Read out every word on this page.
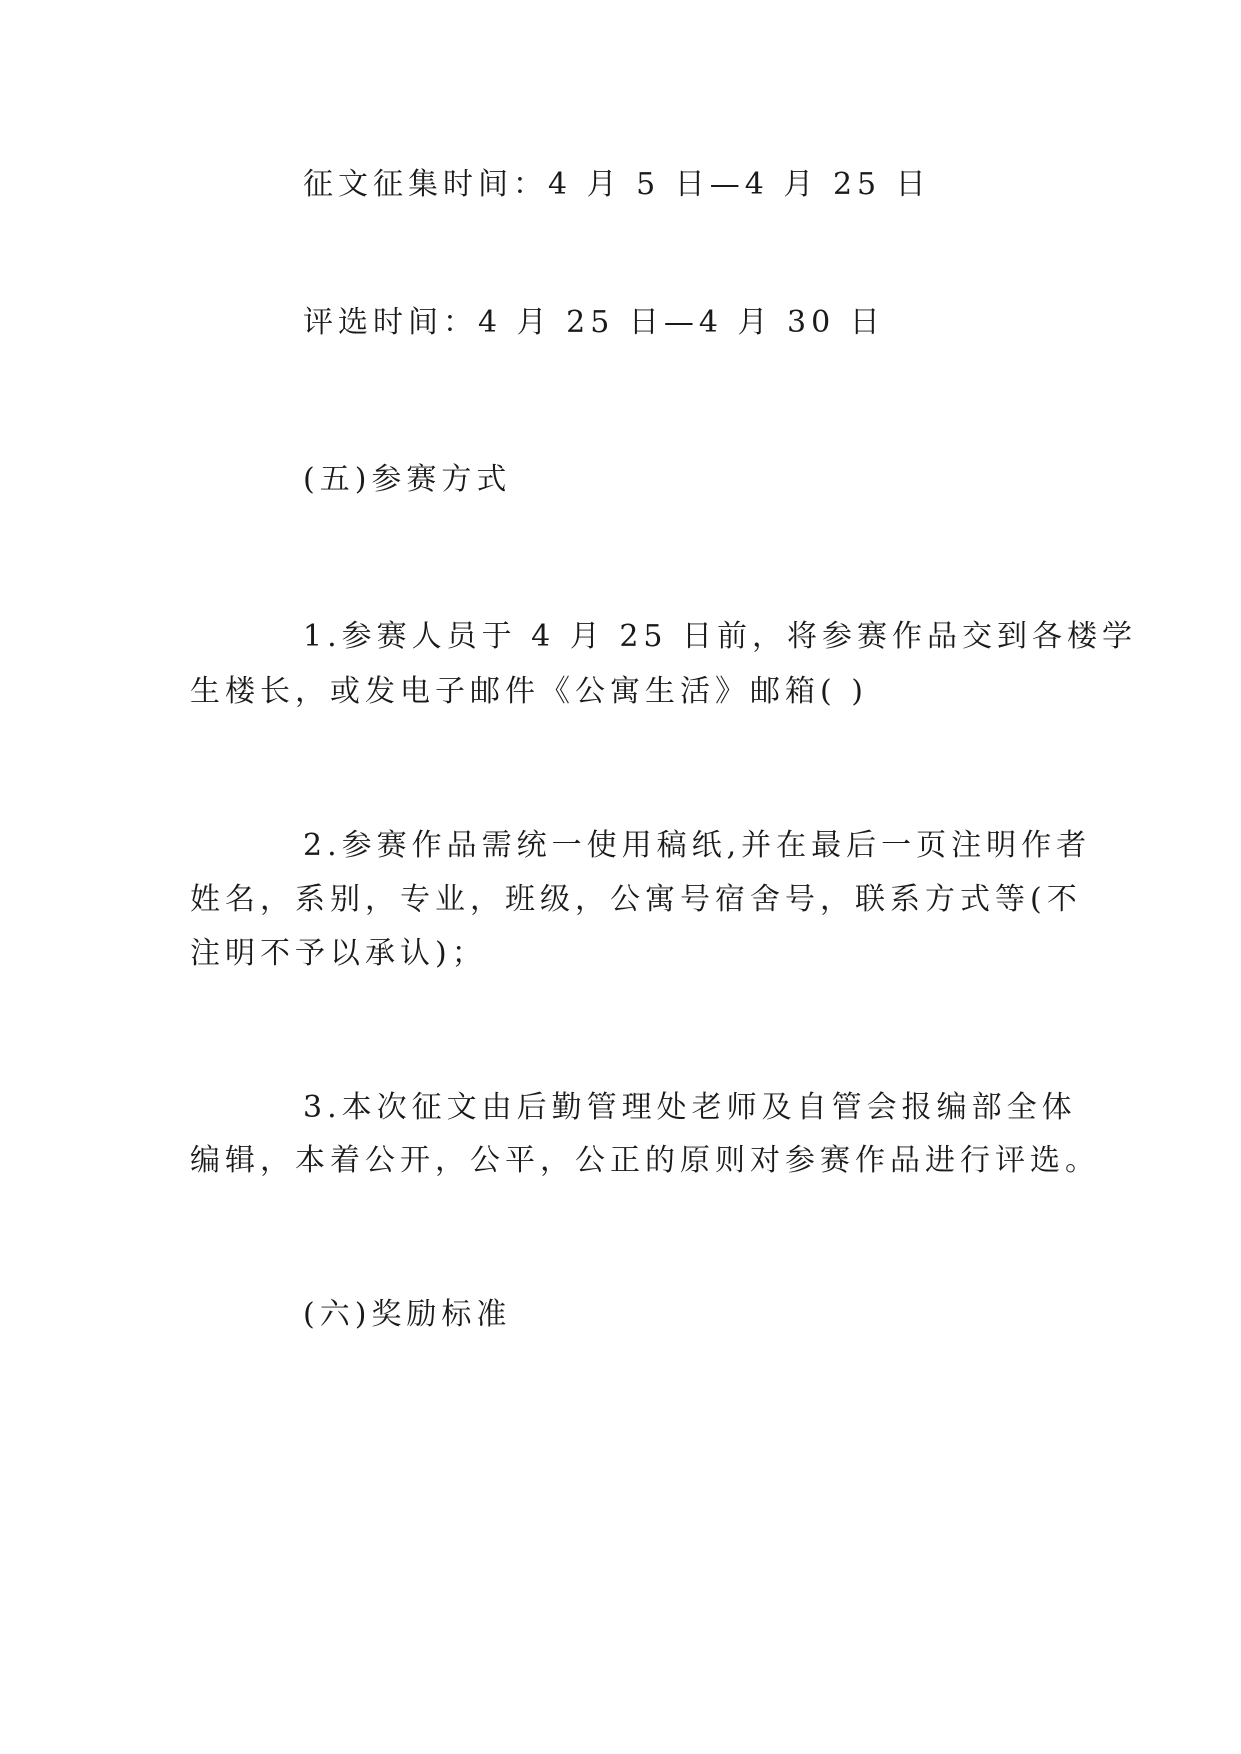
征文征集时间：4 月 5 日—4 月 25 日
评选时间：4 月 25 日—4 月 30 日
(五)参赛方式
1.参赛人员于 4 月 25 日前，将参赛作品交到各楼学
生楼长，或发电子邮件《公寓生活》邮箱( )
2.参赛作品需统一使用稿纸,并在最后一页注明作者
姓名，系别，专业，班级，公寓号宿舍号，联系方式等(不
注明不予以承认)；
3.本次征文由后勤管理处老师及自管会报编部全体
编辑，本着公开，公平，公正的原则对参赛作品进行评选。
(六)奖励标准
